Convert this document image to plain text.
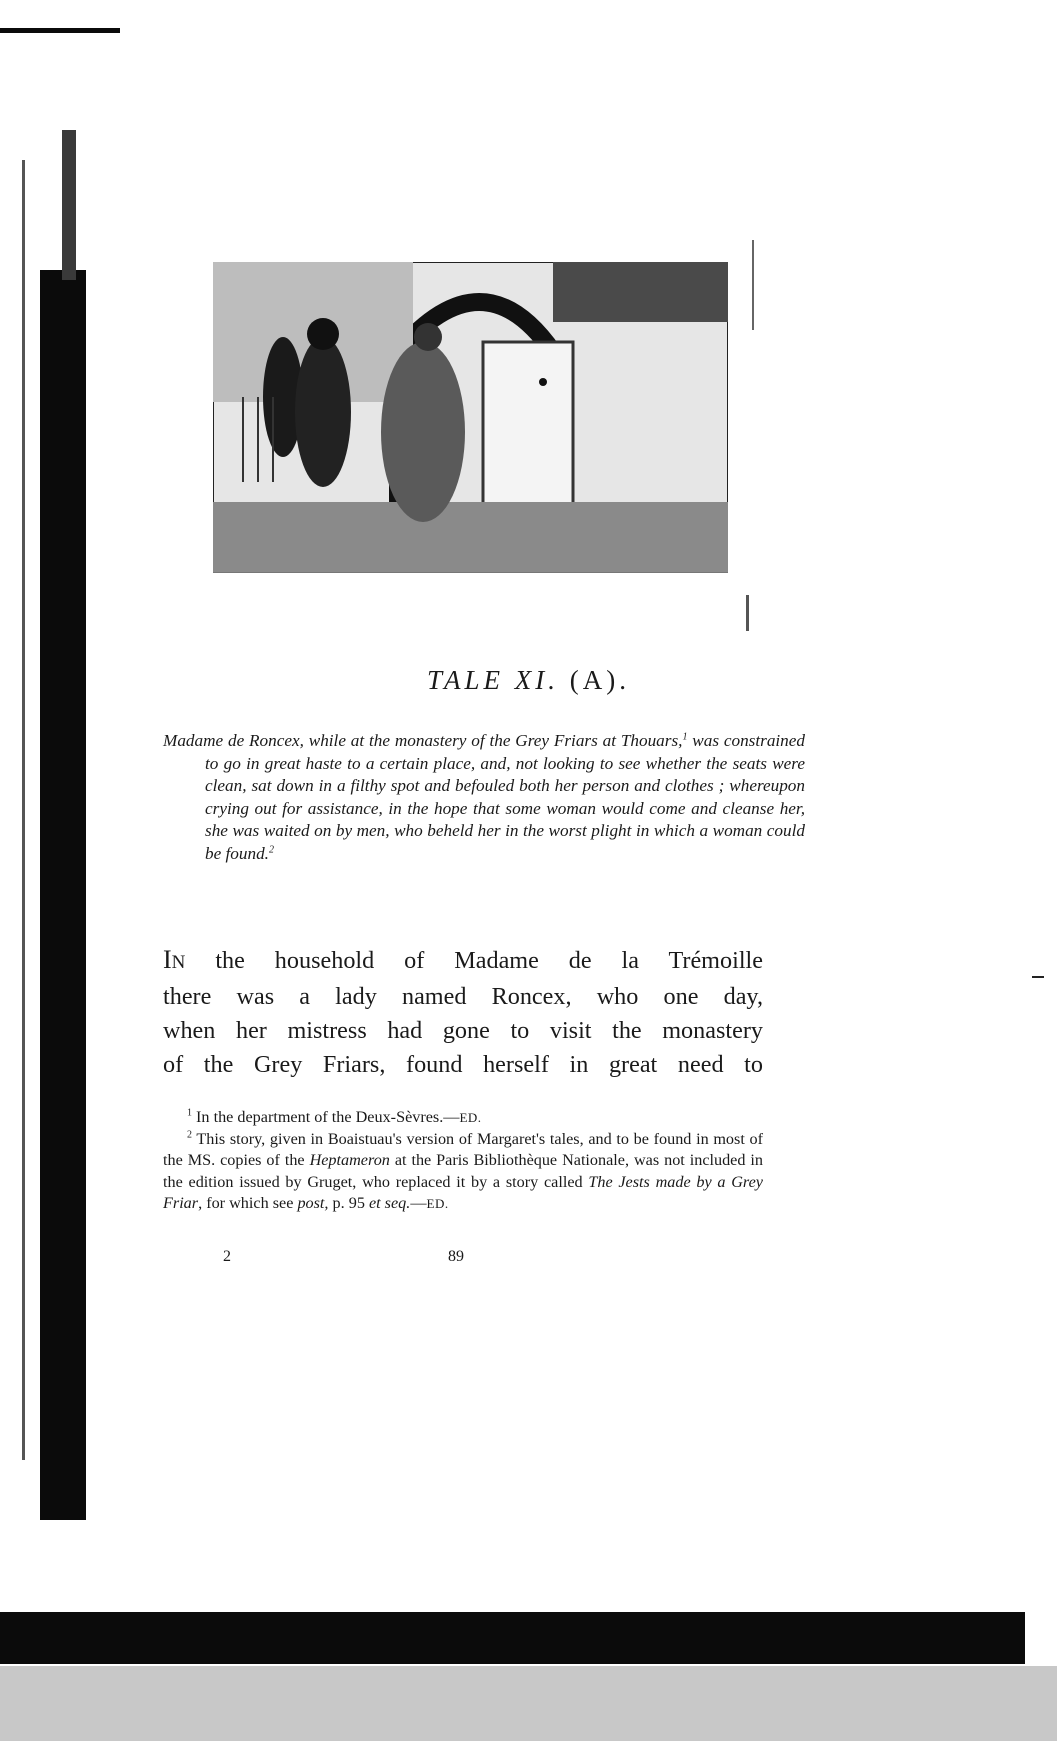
TALE XI. (A).
Madame de Roncex, while at the monastery of the Grey Friars at Thouars,$^1$ was constrained to go in great haste to a certain place, and, not looking to see whether the seats were clean, sat down in a filthy spot and befouled both her person and clothes ; whereupon crying out for assistance, in the hope that some woman would come and cleanse her, she was waited on by men, who beheld her in the worst plight in which a woman could be found.$^2$
IN the household of Madame de la Trémoille
there was a lady named Roncex, who one day,
when her mistress had gone to visit the monastery
of the Grey Friars, found herself in great need to
$^1$ In the department of the Deux-Sèvres.—ED.
$^2$ This story, given in Boaistuau's version of Margaret's tales, and to be found in most of the MS. copies of the Heptameron at the Paris Bibliothèque Nationale, was not included in the edition issued by Gruget, who replaced it by a story called The Jests made by a Grey Friar, for which see post, p. 95 et seq.—ED.
2	89
